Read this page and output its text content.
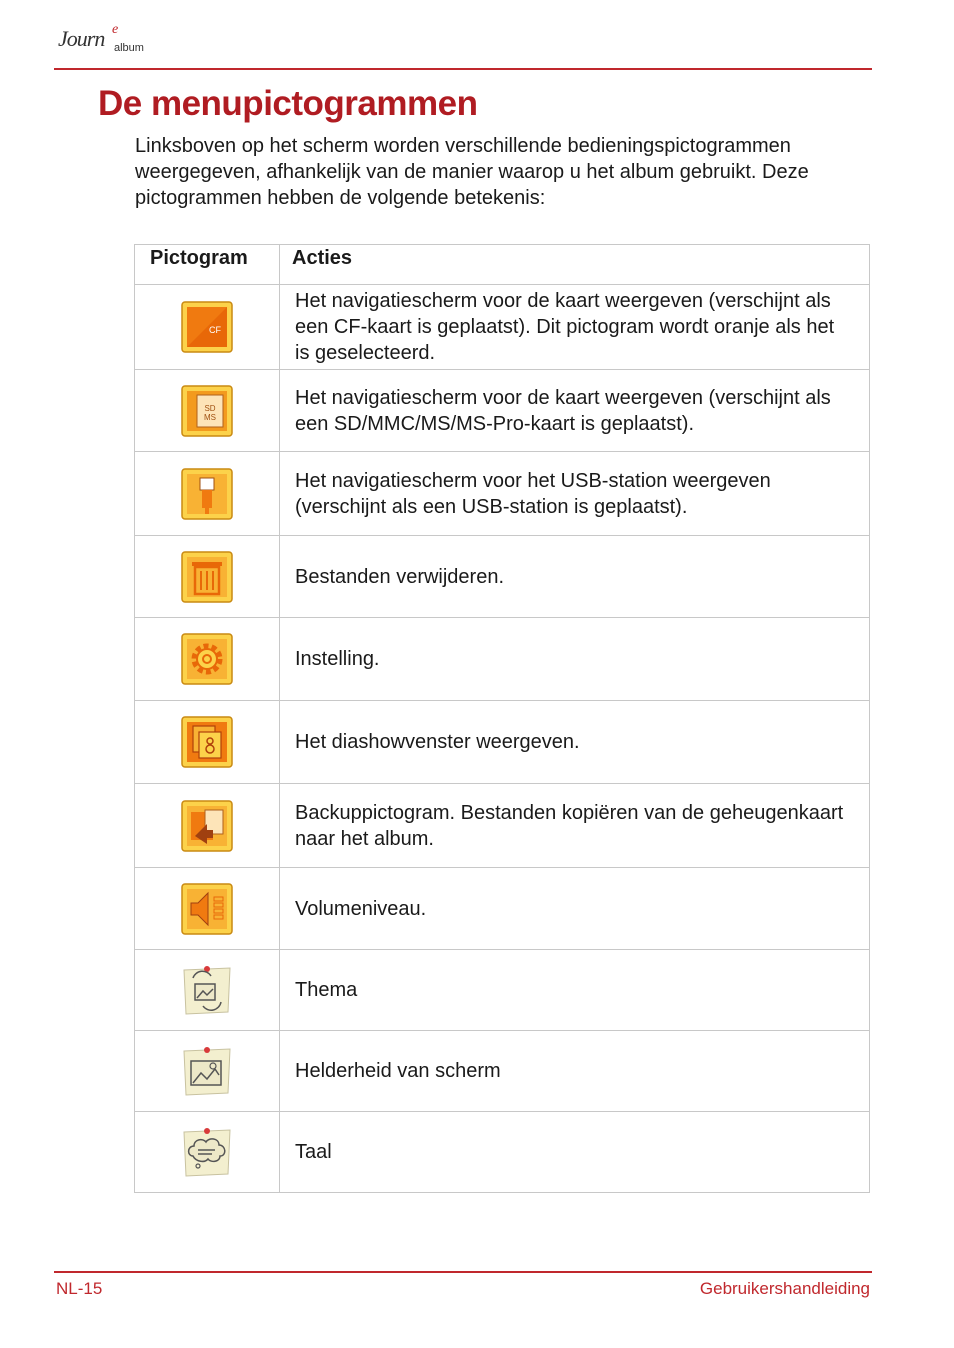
Journ e
album
De menupictogrammen

Linksboven op het scherm worden verschillende bedieningspictogrammen weergegeven, afhankelijk van de manier waarop u het album gebruikt. Deze pictogrammen hebben de volgende betekenis:

Pictogram	Acties

CF	Het navigatiescherm voor de kaart weergeven (verschijnt als een CF-kaart is geplaatst). Dit pictogram wordt oranje als het is geselecteerd.

SD
MS	Het navigatiescherm voor de kaart weergeven (verschijnt als een SD/MMC/MS/MS-Pro-kaart is geplaatst).
	Het navigatiescherm voor het USB-station weergeven (verschijnt als een USB-station is geplaatst).
	Bestanden verwijderen.
	Instelling.
	Het diashowvenster weergeven.
	Backuppictogram. Bestanden kopiëren van de geheugenkaart naar het album.
	Volumeniveau.
	Thema
	Helderheid van scherm
	Taal
NL-15	Gebruikershandleiding
